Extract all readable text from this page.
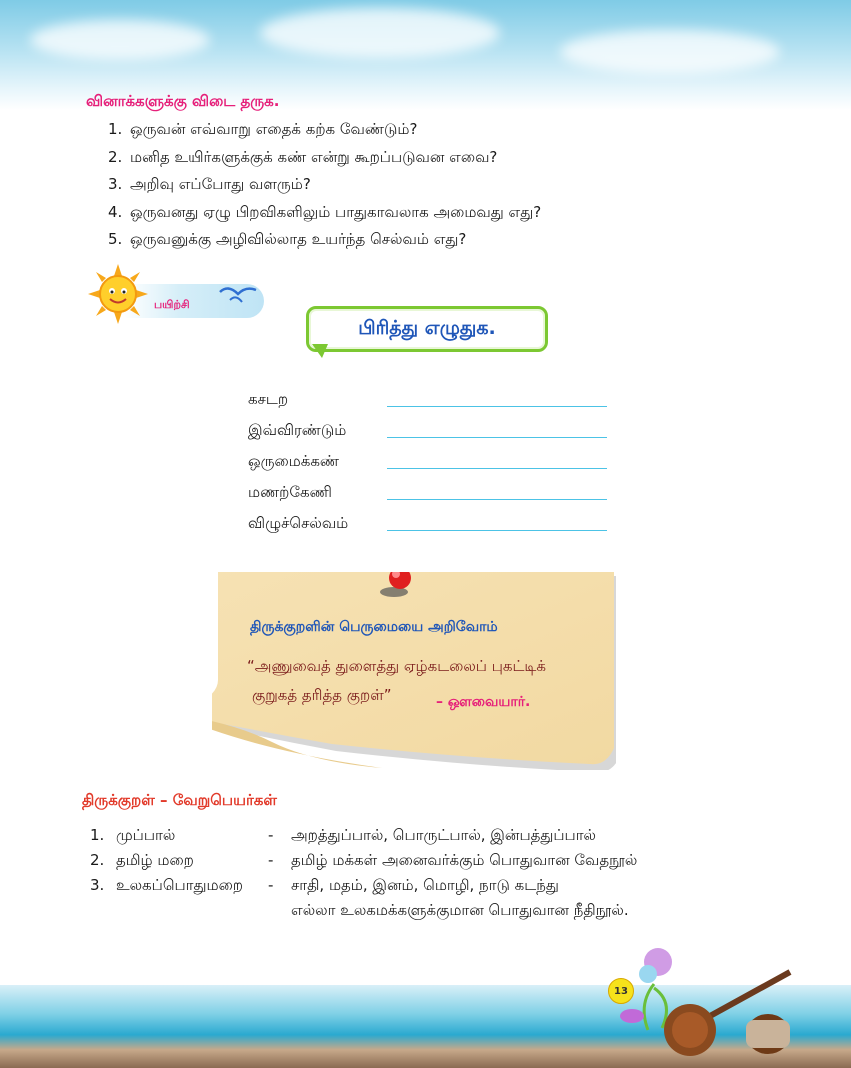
வினாக்களுக்கு விடை தருக.
1. ஒருவன் எவ்வாறு எதைக் கற்க வேண்டும்?
2. மனித உயிர்களுக்குக் கண் என்று கூறப்படுவன எவை?
3. அறிவு எப்போது வளரும்?
4. ஒருவனது ஏழு பிறவிகளிலும் பாதுகாவலாக அமைவது எது?
5. ஒருவனுக்கு அழிவில்லாத உயர்ந்த செல்வம் எது?
பயிற்சி
பிரித்து எழுதுக.
கசடற
இவ்விரண்டும்
ஒருமைக்கண்
மணற்கேணி
விழுச்செல்வம்
திருக்குறளின் பெருமையை அறிவோம்
“அணுவைத் துளைத்து ஏழ்கடலைப் புகட்டிக்
குறுகத் தரித்த குறள்”	– ஔவையார்.
திருக்குறள் – வேறுபெயர்கள்
1. முப்பால்	- அறத்துப்பால், பொருட்பால், இன்பத்துப்பால்
2. தமிழ் மறை	- தமிழ் மக்கள் அனைவர்க்கும் பொதுவான வேதநூல்
3. உலகப்பொதுமறை - சாதி, மதம், இனம், மொழி, நாடு கடந்து
எல்லா உலகமக்களுக்குமான பொதுவான நீதிநூல்.
13
